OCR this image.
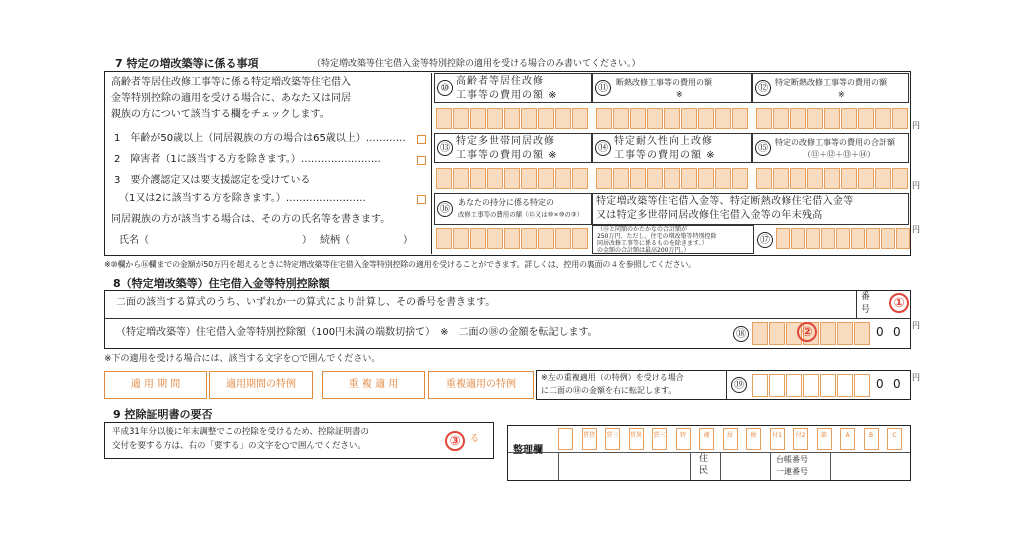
7 特定の増改築等に係る事項	（特定増改築等住宅借入金等特別控除の適用を受ける場合のみ書いてください。）
高齢者等居住改修工事等に係る特定増改築等住宅借入
金等特別控除の適用を受ける場合に、あなた又は同居
親族の方について該当する欄をチェックします。
1　年齢が50歳以上（同居親族の方の場合は65歳以上）…………
2　障害者（1に該当する方を除きます。）……………………
3　要介護認定又は要支援認定を受けている
　（1又は2に該当する方を除きます。）……………………
同居親族の方が該当する場合は、その方の氏名等を書きます。
氏名（	） 続柄（	）
⑩
高齢者等居住改修
工事等の費用の額 ※
⑪
断熱改修工事等の費用の額
※
⑫
特定断熱改修工事等の費用の額
※
円
⑬
特定多世帯同居改修
工事等の費用の額 ※
⑭
特定耐久性向上改修
工事等の費用の額 ※
⑮
特定の改修工事等の費用の合計額
（⑪＋⑫＋⑬＋⑭）
円
⑯
あなたの持分に係る特定の
改修工事等の費用の額（⑮又は⑩×⑩の③）
特定増改築等住宅借入金等、特定断熱改修住宅借入金等
又は特定多世帯同居改修住宅借入金等の年末残高
（⑮と同額のかたかなの合計額が
250万円、ただし、住宅の増改築等特別控除
同居改修工事等に係るものを除きます。）
の金額の合計額は最高200万円。）
⑰
円
※⑩欄から⑯欄までの金額が50万円を超えるときに特定増改築等住宅借入金等特別控除の適用を受けることができます。詳しくは、控用の裏面の４を参照してください。
8（特定増改築等）住宅借入金等特別控除額
二面の該当する算式のうち、いずれか一の算式により計算し、その番号を書きます。	番
号
（特定増改築等）住宅借入金等特別控除額（100円未満の端数切捨て）　※　二面の⑱の金額を転記します。	⑱	0 0 円
※下の適用を受ける場合には、該当する文字を○で囲んでください。
適 用 期 間	適用期間の特例	重 複 適 用	重複適用の特例
※左の重複適用（の特例）を受ける場合
に二面の⑱の金額を右に転記します。	⑲	0 0 円
9 控除証明書の要否
平成31年分以後に年末調整でこの控除を受けるため、控除証明書の
交付を要する方は、右の「要する」の文字を○で囲んでください。
る
整理欄
賃貸 賃三 賃異 賃三	特	補	居	税	付1	付2	節	A	B	C
住
民
台帳番号
一連番号
①
②
③
